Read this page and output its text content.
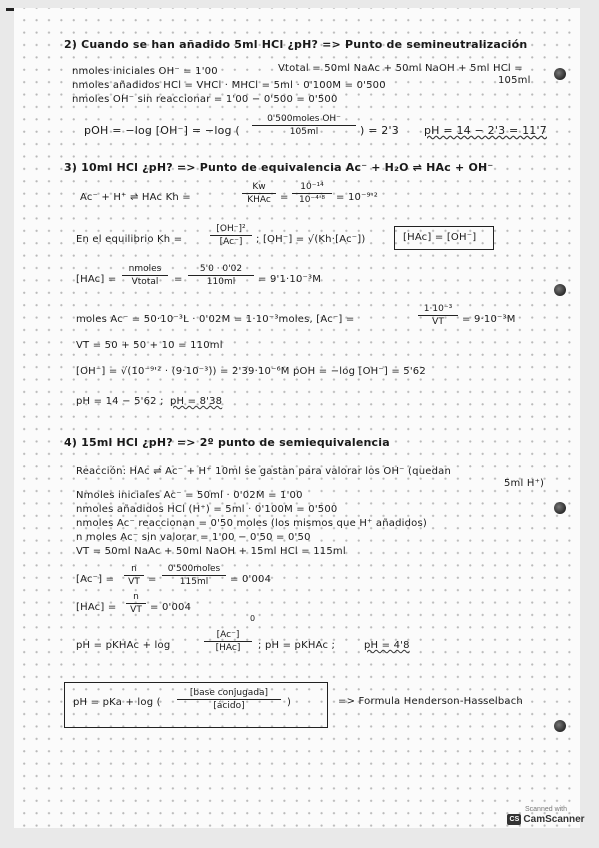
2) Cuando se han añadido 5ml HCl ¿pH? => Punto de semineutralización
nmoles iniciales OH⁻ = 1'00	Vtotal = 50ml NaAc + 50ml NaOH + 5ml HCl =
105ml
nmoles añadidos HCl = VHCl · MHCl = 5ml · 0'100M = 0'500
nmoles OH⁻ sin reaccionar = 1'00 − 0'500 = 0'500
pOH = −log [OH⁻] = −log (
0'500moles OH⁻
105ml	) = 2'3 pH = 14 − 2'3 = 11'7
3) 10ml HCl ¿pH? => Punto de equivalencia Ac⁻ + H₂O ⇌ HAc + OH⁻
Ac⁻ + H⁺ ⇌ HAc Kh =
Kw
KHAc =
10⁻¹⁴
10⁻⁴'⁸	= 10⁻⁹'²
En el equilibrio Kh =
[OH⁻]²
[Ac⁻]	; [OH⁻] = √(Kh·[Ac⁻])	[HAc] = [OH⁻]
[HAc] =
nmoles
Vtotal	=
5'0 · 0'02
110ml	= 9'1·10⁻³M
moles Ac⁻ = 50·10⁻³L · 0'02M = 1·10⁻³moles, [Ac⁻] =
1·10⁻³
VT	= 9·10⁻³M
VT = 50 + 50 + 10 = 110ml
[OH⁻] = √(10⁻⁹'² · (9·10⁻³)) = 2'39·10⁻⁶M pOH = −log [OH⁻] = 5'62
pH = 14 − 5'62 ; pH = 8'38
4) 15ml HCl ¿pH? => 2º punto de semiequivalencia
Reacción: HAc ⇌ Ac⁻ + H⁺ 10ml se gastan para valorar los OH⁻ (quedan
5ml H⁺)
Nmoles iniciales Ac⁻ = 50ml · 0'02M = 1'00
nmoles añadidos HCl (H⁺) = 5ml · 0'100M = 0'500
nmoles Ac⁻ reaccionan = 0'50 moles (los mismos que H⁺ añadidos)
n moles Ac⁻ sin valorar = 1'00 − 0'50 = 0'50
VT = 50ml NaAc + 50ml NaOH + 15ml HCl = 115ml
[Ac⁻] =
n
VT =
0'500moles
115ml	= 0'004
[HAc] =
n
VT = 0'004
0
pH = pKHAc + log
[Ac⁻]
[HAc]	; pH = pKHAc ;	pH = 4'8
pH = pKa + log (
[base conjugada]
[ácido]	)	=> Formula Henderson-Hasselbach
Scanned with
CS CamScanner
